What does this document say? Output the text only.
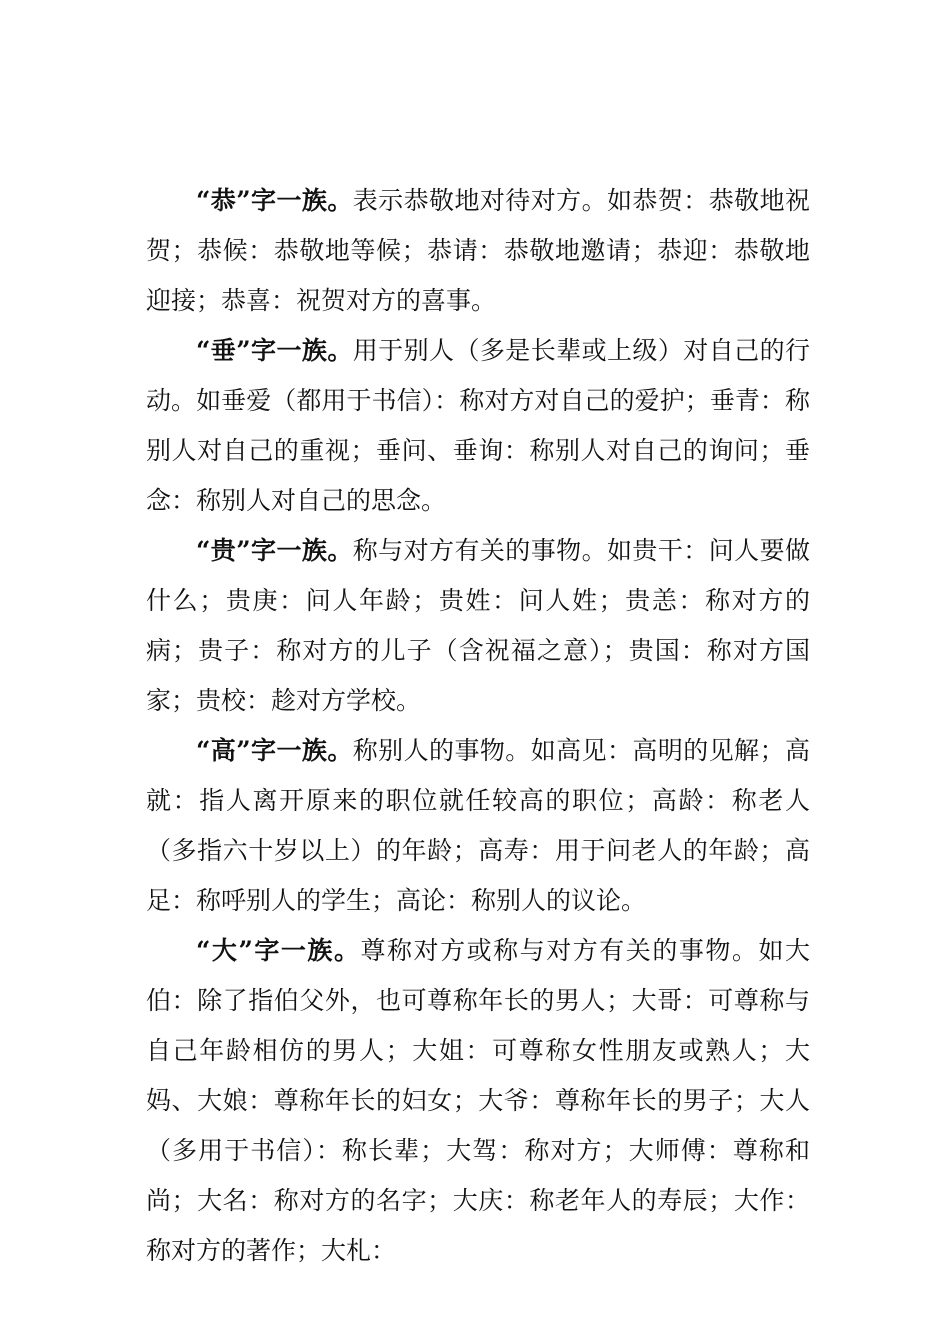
“恭”字一族。表示恭敬地对待对方。如恭贺：恭敬地祝贺；恭候：恭敬地等候；恭请：恭敬地邀请；恭迎：恭敬地迎接；恭喜：祝贺对方的喜事。

“垂”字一族。用于别人（多是长辈或上级）对自己的行动。如垂爱（都用于书信）：称对方对自己的爱护；垂青：称别人对自己的重视；垂问、垂询：称别人对自己的询问；垂念：称别人对自己的思念。

“贵”字一族。称与对方有关的事物。如贵干：问人要做什么；贵庚：问人年龄；贵姓：问人姓；贵恙：称对方的病；贵子：称对方的儿子（含祝福之意）；贵国：称对方国家；贵校：趁对方学校。

“高”字一族。称别人的事物。如高见：高明的见解；高就：指人离开原来的职位就任较高的职位；高龄：称老人（多指六十岁以上）的年龄；高寿：用于问老人的年龄；高足：称呼别人的学生；高论：称别人的议论。

“大”字一族。尊称对方或称与对方有关的事物。如大伯：除了指伯父外，也可尊称年长的男人；大哥：可尊称与自己年龄相仿的男人；大姐：可尊称女性朋友或熟人；大妈、大娘：尊称年长的妇女；大爷：尊称年长的男子；大人（多用于书信）：称长辈；大驾：称对方；大师傅：尊称和尚；大名：称对方的名字；大庆：称老年人的寿辰；大作：称对方的著作；大札：
